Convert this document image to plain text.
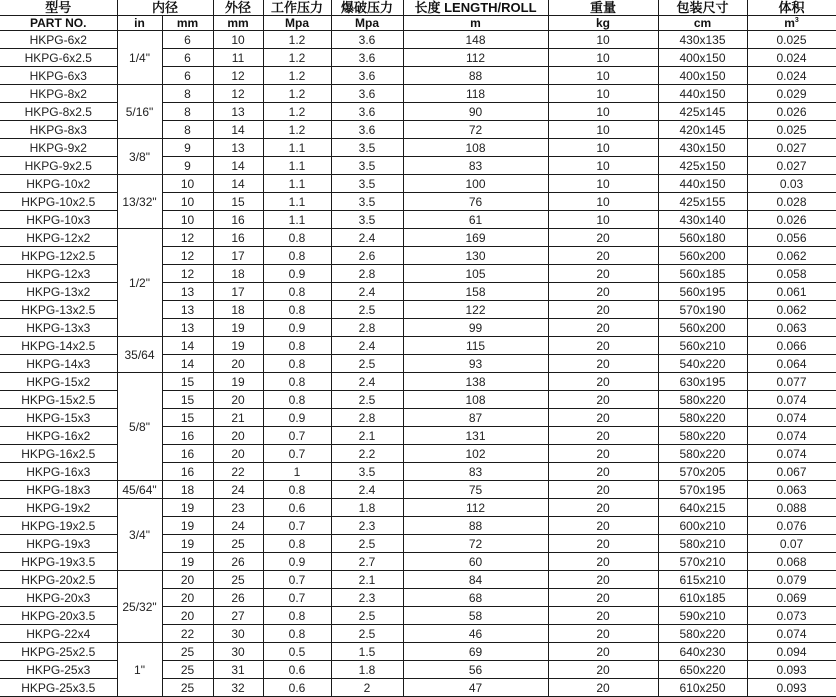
型号	内径		外径	工作压力	爆破压力	长度 LENGTH/ROLL	重量	包装尺寸	体积
PART NO.	in	mm	mm	Mpa	Mpa	m	kg	cm	$m^3$
HKPG-6x2	1/4"	6	10	1.2	3.6	148	10	430x135	0.025
HKPG-6x2.5		6	11	1.2	3.6	112	10	400x150	0.024
HKPG-6x3		6	12	1.2	3.6	88	10	400x150	0.024
HKPG-8x2	5/16"	8	12	1.2	3.6	118	10	440x150	0.029
HKPG-8x2.5		8	13	1.2	3.6	90	10	425x145	0.026
HKPG-8x3		8	14	1.2	3.6	72	10	420x145	0.025
HKPG-9x2	3/8"	9	13	1.1	3.5	108	10	430x150	0.027
HKPG-9x2.5		9	14	1.1	3.5	83	10	425x150	0.027
HKPG-10x2	13/32"	10	14	1.1	3.5	100	10	440x150	0.03
HKPG-10x2.5		10	15	1.1	3.5	76	10	425x155	0.028
HKPG-10x3		10	16	1.1	3.5	61	10	430x140	0.026
HKPG-12x2	1/2"	12	16	0.8	2.4	169	20	560x180	0.056
HKPG-12x2.5		12	17	0.8	2.6	130	20	560x200	0.062
HKPG-12x3		12	18	0.9	2.8	105	20	560x185	0.058
HKPG-13x2		13	17	0.8	2.4	158	20	560x195	0.061
HKPG-13x2.5		13	18	0.8	2.5	122	20	570x190	0.062
HKPG-13x3		13	19	0.9	2.8	99	20	560x200	0.063
HKPG-14x2.5	35/64	14	19	0.8	2.4	115	20	560x210	0.066
HKPG-14x3		14	20	0.8	2.5	93	20	540x220	0.064
HKPG-15x2	5/8"	15	19	0.8	2.4	138	20	630x195	0.077
HKPG-15x2.5		15	20	0.8	2.5	108	20	580x220	0.074
HKPG-15x3		15	21	0.9	2.8	87	20	580x220	0.074
HKPG-16x2		16	20	0.7	2.1	131	20	580x220	0.074
HKPG-16x2.5		16	20	0.7	2.2	102	20	580x220	0.074
HKPG-16x3		16	22	1	3.5	83	20	570x205	0.067
HKPG-18x3	45/64"	18	24	0.8	2.4	75	20	570x195	0.063
HKPG-19x2	3/4"	19	23	0.6	1.8	112	20	640x215	0.088
HKPG-19x2.5		19	24	0.7	2.3	88	20	600x210	0.076
HKPG-19x3		19	25	0.8	2.5	72	20	580x210	0.07
HKPG-19x3.5		19	26	0.9	2.7	60	20	570x210	0.068
HKPG-20x2.5	25/32"	20	25	0.7	2.1	84	20	615x210	0.079
HKPG-20x3		20	26	0.7	2.3	68	20	610x185	0.069
HKPG-20x3.5		20	27	0.8	2.5	58	20	590x210	0.073
HKPG-22x4		22	30	0.8	2.5	46	20	580x220	0.074
HKPG-25x2.5	1"	25	30	0.5	1.5	69	20	640x230	0.094
HKPG-25x3		25	31	0.6	1.8	56	20	650x220	0.093
HKPG-25x3.5		25	32	0.6	2	47	20	610x250	0.093
